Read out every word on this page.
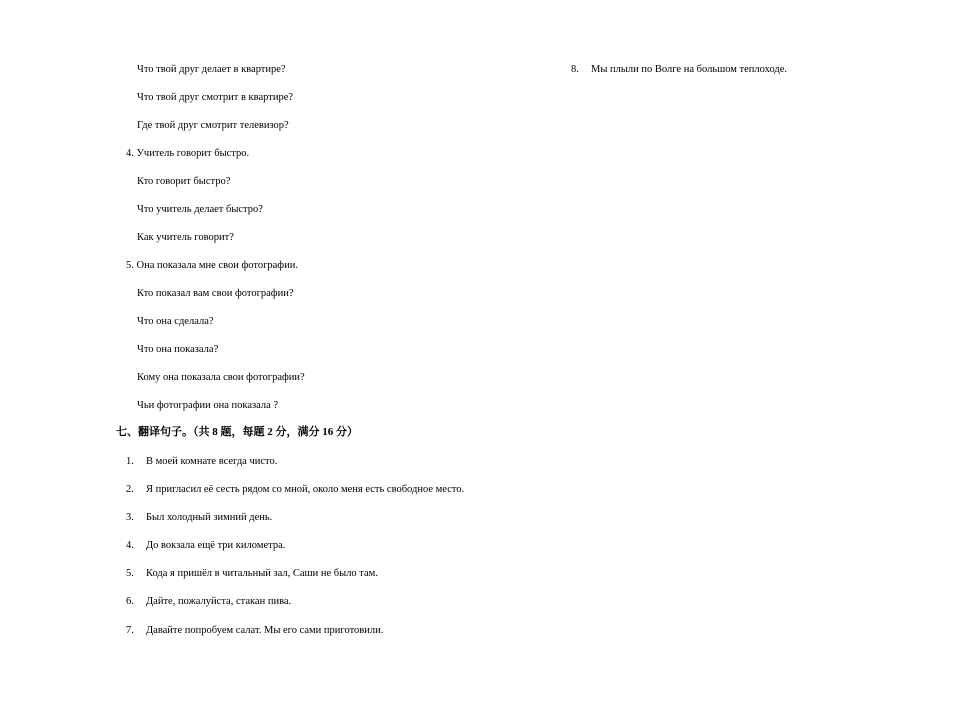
Что твой друг делает в квартире?
Что твой друг смотрит в квартире?
Где твой друг смотрит телевизор?
4. Учитель говорит быстро.
Кто говорит быстро?
Что учитель делает быстро?
Как учитель говорит?
5. Она показала мне свои фотографии.
Кто показал вам свои фотографии?
Что она сделала?
Что она показала?
Кому она показала свои фотографии?
Чьи фотографии она показала ?
七、翻译句子。（共 8 题，每题 2 分，满分 16 分）
1. В моей комнате всегда чисто.
2. Я пригласил её сесть рядом со мной, около меня есть свободное место.
3. Был холодный зимний день.
4. До вокзала ещё три километра.
5. Кода я пришёл в читальный зал, Саши не было там.
6. Дайте, пожалуйста, стакан пива.
7. Давайте попробуем салат. Мы его сами приготовили.
8. Мы плыли по Волге на большом теплоходе.
